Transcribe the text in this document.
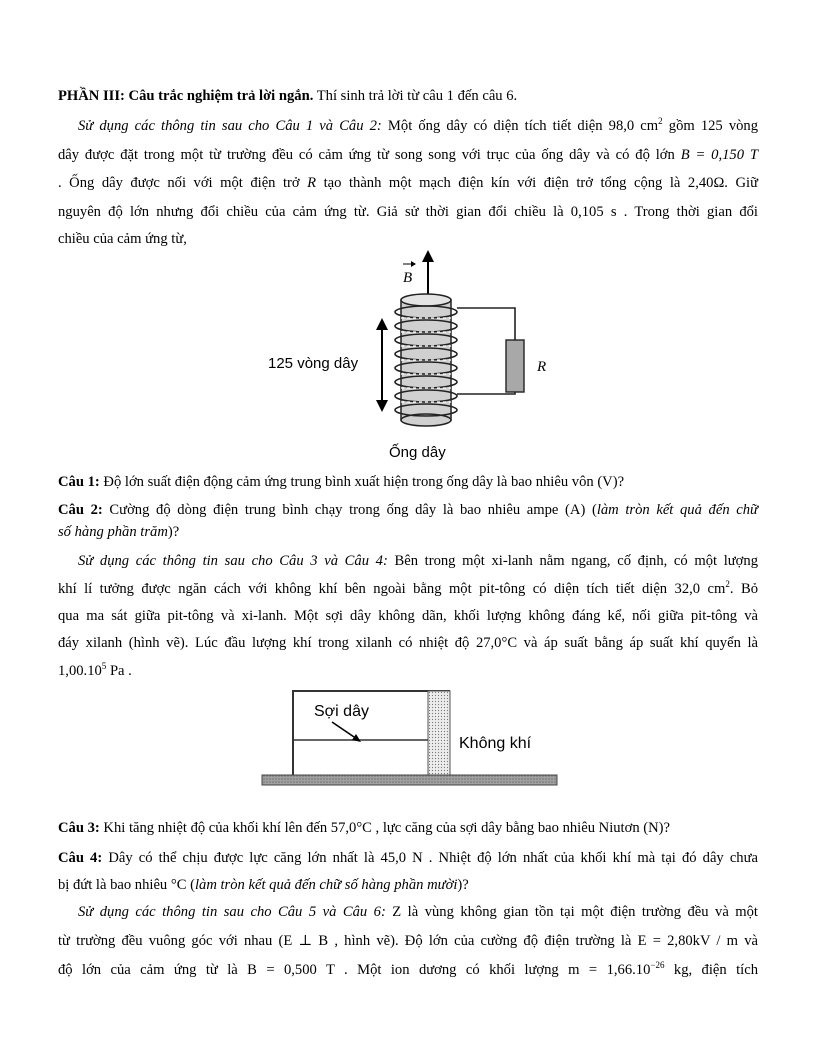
PHẦN III: Câu trắc nghiệm trả lời ngắn. Thí sinh trả lời từ câu 1 đến câu 6.
Sử dụng các thông tin sau cho Câu 1 và Câu 2: Một ống dây có diện tích tiết diện 98,0 $cm^2$ gồm 125 vòng
dây được đặt trong một từ trường đều có cảm ứng từ song song với trục của ống dây và có độ lớn B = 0,150 T
. Ống dây được nối với một điện trở R tạo thành một mạch điện kín với điện trở tổng cộng là 2,40Ω. Giữ
nguyên độ lớn nhưng đổi chiều của cảm ứng từ. Giả sử thời gian đổi chiều là 0,105 s . Trong thời gian đổi
chiều của cảm ứng từ,
B
R
125 vòng dây
Ống dây
Câu 1: Độ lớn suất điện động cảm ứng trung bình xuất hiện trong ống dây là bao nhiêu vôn (V)?
Câu 2: Cường độ dòng điện trung bình chạy trong ống dây là bao nhiêu ampe (A) (làm tròn kết quả đến chữ
số hàng phần trăm)?
Sử dụng các thông tin sau cho Câu 3 và Câu 4: Bên trong một xi-lanh nằm ngang, cố định, có một lượng
khí lí tưởng được ngăn cách với không khí bên ngoài bằng một pit-tông có diện tích tiết diện 32,0 $cm^2$. Bỏ
qua ma sát giữa pit-tông và xi-lanh. Một sợi dây không dãn, khối lượng không đáng kể, nối giữa pit-tông và
đáy xilanh (hình vẽ). Lúc đầu lượng khí trong xilanh có nhiệt độ 27,0°C và áp suất bằng áp suất khí quyển là
1,00.10$^5$ Pa .
Sợi dây
Không khí
Câu 3: Khi tăng nhiệt độ của khối khí lên đến 57,0°C , lực căng của sợi dây bằng bao nhiêu Niutơn (N)?
Câu 4: Dây có thể chịu được lực căng lớn nhất là 45,0 N . Nhiệt độ lớn nhất của khối khí mà tại đó dây chưa
bị đứt là bao nhiêu °C (làm tròn kết quả đến chữ số hàng phần mười)?
Sử dụng các thông tin sau cho Câu 5 và Câu 6: Z là vùng không gian tồn tại một điện trường đều và một
từ trường đều vuông góc với nhau (E ⊥ B , hình vẽ). Độ lớn của cường độ điện trường là E = 2,80kV / m và
độ lớn của cảm ứng từ là B = 0,500 T . Một ion dương có khối lượng $m = 1,66.10^{-26}$ kg, điện tích
